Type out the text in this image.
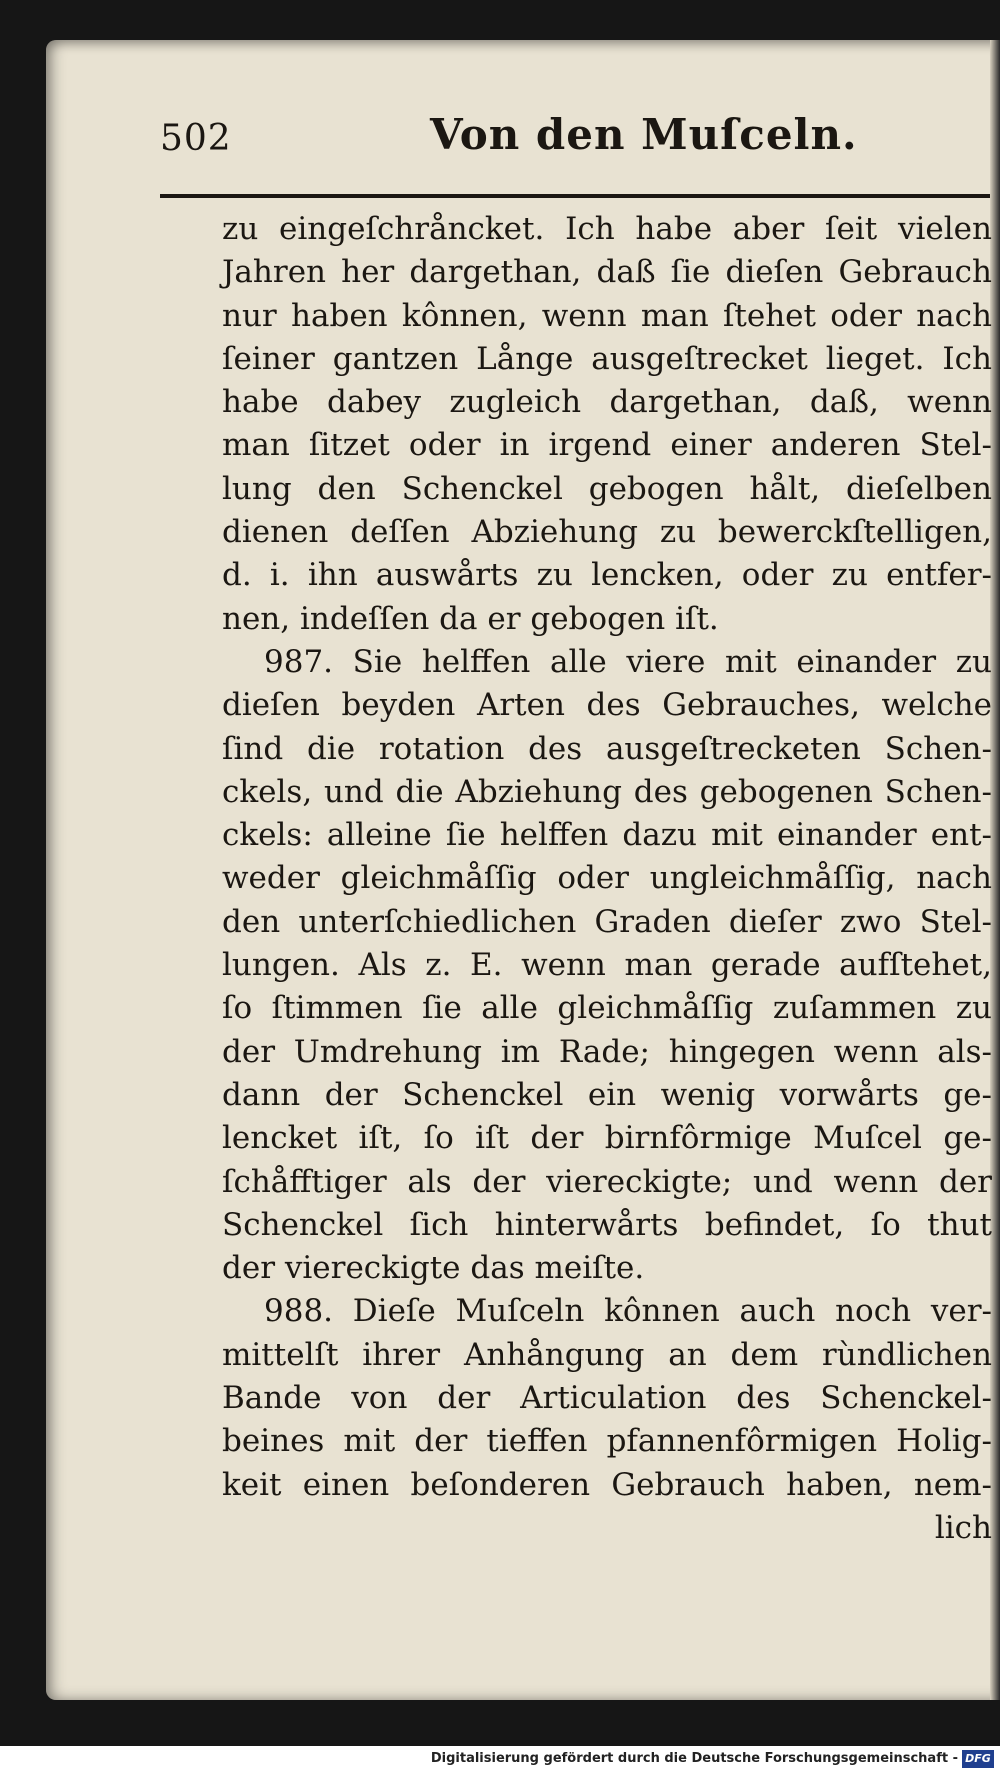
502	Von den Muſceln.
zu eingeſchråncket. Ich habe aber ſeit vielen
Jahren her dargethan, daß ſie dieſen Gebrauch
nur haben kônnen, wenn man ſtehet oder nach
ſeiner gantzen Långe ausgeſtrecket lieget. Ich
habe dabey zugleich dargethan, daß, wenn
man ſitzet oder in irgend einer anderen Stel-
lung den Schenckel gebogen hålt, dieſelben
dienen deſſen Abziehung zu bewerckſtelligen,
d. i. ihn auswårts zu lencken, oder zu entfer-
nen, indeſſen da er gebogen iſt.
987. Sie helffen alle viere mit einander zu
dieſen beyden Arten des Gebrauches, welche
ſind die rotation des ausgeſtrecketen Schen-
ckels, und die Abziehung des gebogenen Schen-
ckels: alleine ſie helffen dazu mit einander ent-
weder gleichmåſſig oder ungleichmåſſig, nach
den unterſchiedlichen Graden dieſer zwo Stel-
lungen. Als z. E. wenn man gerade aufſtehet,
ſo ſtimmen ſie alle gleichmåſſig zuſammen zu
der Umdrehung im Rade; hingegen wenn als-
dann der Schenckel ein wenig vorwårts ge-
lencket iſt, ſo iſt der birnfôrmige Muſcel ge-
ſchåfftiger als der viereckigte; und wenn der
Schenckel ſich hinterwårts befindet, ſo thut
der viereckigte das meiſte.
988. Dieſe Muſceln kônnen auch noch ver-
mittelſt ihrer Anhångung an dem rùndlichen
Bande von der Articulation des Schenckel-
beines mit der tieffen pfannenfôrmigen Holig-
keit einen beſonderen Gebrauch haben, nem-
lich
Digitalisierung gefördert durch die Deutsche Forschungsgemeinschaft - DFG
